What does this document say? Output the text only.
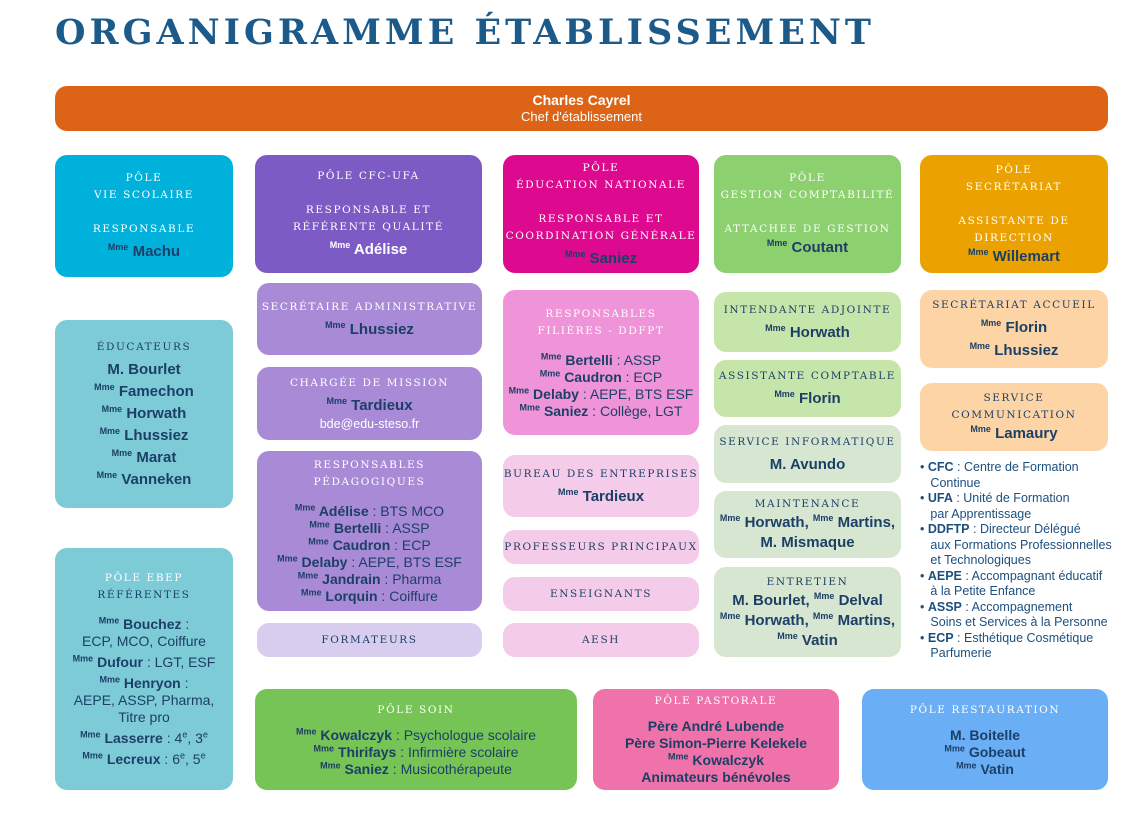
ORGANIGRAMME ÉTABLISSEMENT
Charles Cayrel
Chef d'établissement
PÔLE
VIE SCOLAIRE
RESPONSABLE
$^{Mme}$ Machu
ÉDUCATEURS
M. Bourlet
$^{Mme}$ Famechon
$^{Mme}$ Horwath
$^{Mme}$ Lhussiez
$^{Mme}$ Marat
$^{Mme}$ Vanneken
PÔLE EBEP
RÉFÉRENTES
$^{Mme}$ Bouchez :
ECP, MCO, Coiffure
$^{Mme}$ Dufour : LGT, ESF
$^{Mme}$ Henryon :
AEPE, ASSP, Pharma,
Titre pro
$^{Mme}$ Lasserre : 4e, 3e
$^{Mme}$ Lecreux : 6e, 5e
PÔLE CFC-UFA
RESPONSABLE ET
RÉFÉRENTE QUALITÉ
$^{Mme}$ Adélise
SECRÉTAIRE ADMINISTRATIVE
$^{Mme}$ Lhussiez
CHARGÉE DE MISSION
$^{Mme}$ Tardieux
bde@edu-steso.fr
RESPONSABLES PÉDAGOGIQUES
$^{Mme}$ Adélise : BTS MCO
$^{Mme}$ Bertelli : ASSP
$^{Mme}$ Caudron : ECP
$^{Mme}$ Delaby : AEPE, BTS ESF
$^{Mme}$ Jandrain : Pharma
$^{Mme}$ Lorquin : Coiffure
FORMATEURS
PÔLE
ÉDUCATION NATIONALE
RESPONSABLE ET
COORDINATION GÉNÉRALE
$^{Mme}$ Saniez
RESPONSABLES
FILIÈRES - DDFPT
$^{Mme}$ Bertelli : ASSP
$^{Mme}$ Caudron : ECP
$^{Mme}$ Delaby : AEPE, BTS ESF
$^{Mme}$ Saniez : Collège, LGT
BUREAU DES ENTREPRISES
$^{Mme}$ Tardieux
PROFESSEURS PRINCIPAUX
ENSEIGNANTS
AESH
PÔLE
GESTION COMPTABILITÉ
ATTACHEE DE GESTION
$^{Mme}$ Coutant
INTENDANTE ADJOINTE
$^{Mme}$ Horwath
ASSISTANTE COMPTABLE
$^{Mme}$ Florin
SERVICE INFORMATIQUE
M. Avundo
MAINTENANCE
$^{Mme}$ Horwath, $^{Mme}$ Martins,
M. Mismaque
ENTRETIEN
M. Bourlet, $^{Mme}$ Delval
$^{Mme}$ Horwath, $^{Mme}$ Martins,
$^{Mme}$ Vatin
PÔLE
SECRÉTARIAT
ASSISTANTE DE DIRECTION
$^{Mme}$ Willemart
SECRÉTARIAT ACCUEIL
$^{Mme}$ Florin
$^{Mme}$ Lhussiez
SERVICE
COMMUNICATION
$^{Mme}$ Lamaury
• CFC : Centre de Formation
Continue
• UFA : Unité de Formation
par Apprentissage
• DDFTP : Directeur Délégué
aux Formations Professionnelles
et Technologiques
• AEPE : Accompagnant éducatif
à la Petite Enfance
• ASSP : Accompagnement
Soins et Services à la Personne
• ECP : Esthétique Cosmétique
Parfumerie
PÔLE SOIN
$^{Mme}$ Kowalczyk : Psychologue scolaire
$^{Mme}$ Thirifays : Infirmière scolaire
$^{Mme}$ Saniez : Musicothérapeute
PÔLE PASTORALE
Père André Lubende
Père Simon-Pierre Kelekele
$^{Mme}$ Kowalczyk
Animateurs bénévoles
PÔLE RESTAURATION
M. Boitelle
$^{Mme}$ Gobeaut
$^{Mme}$ Vatin
